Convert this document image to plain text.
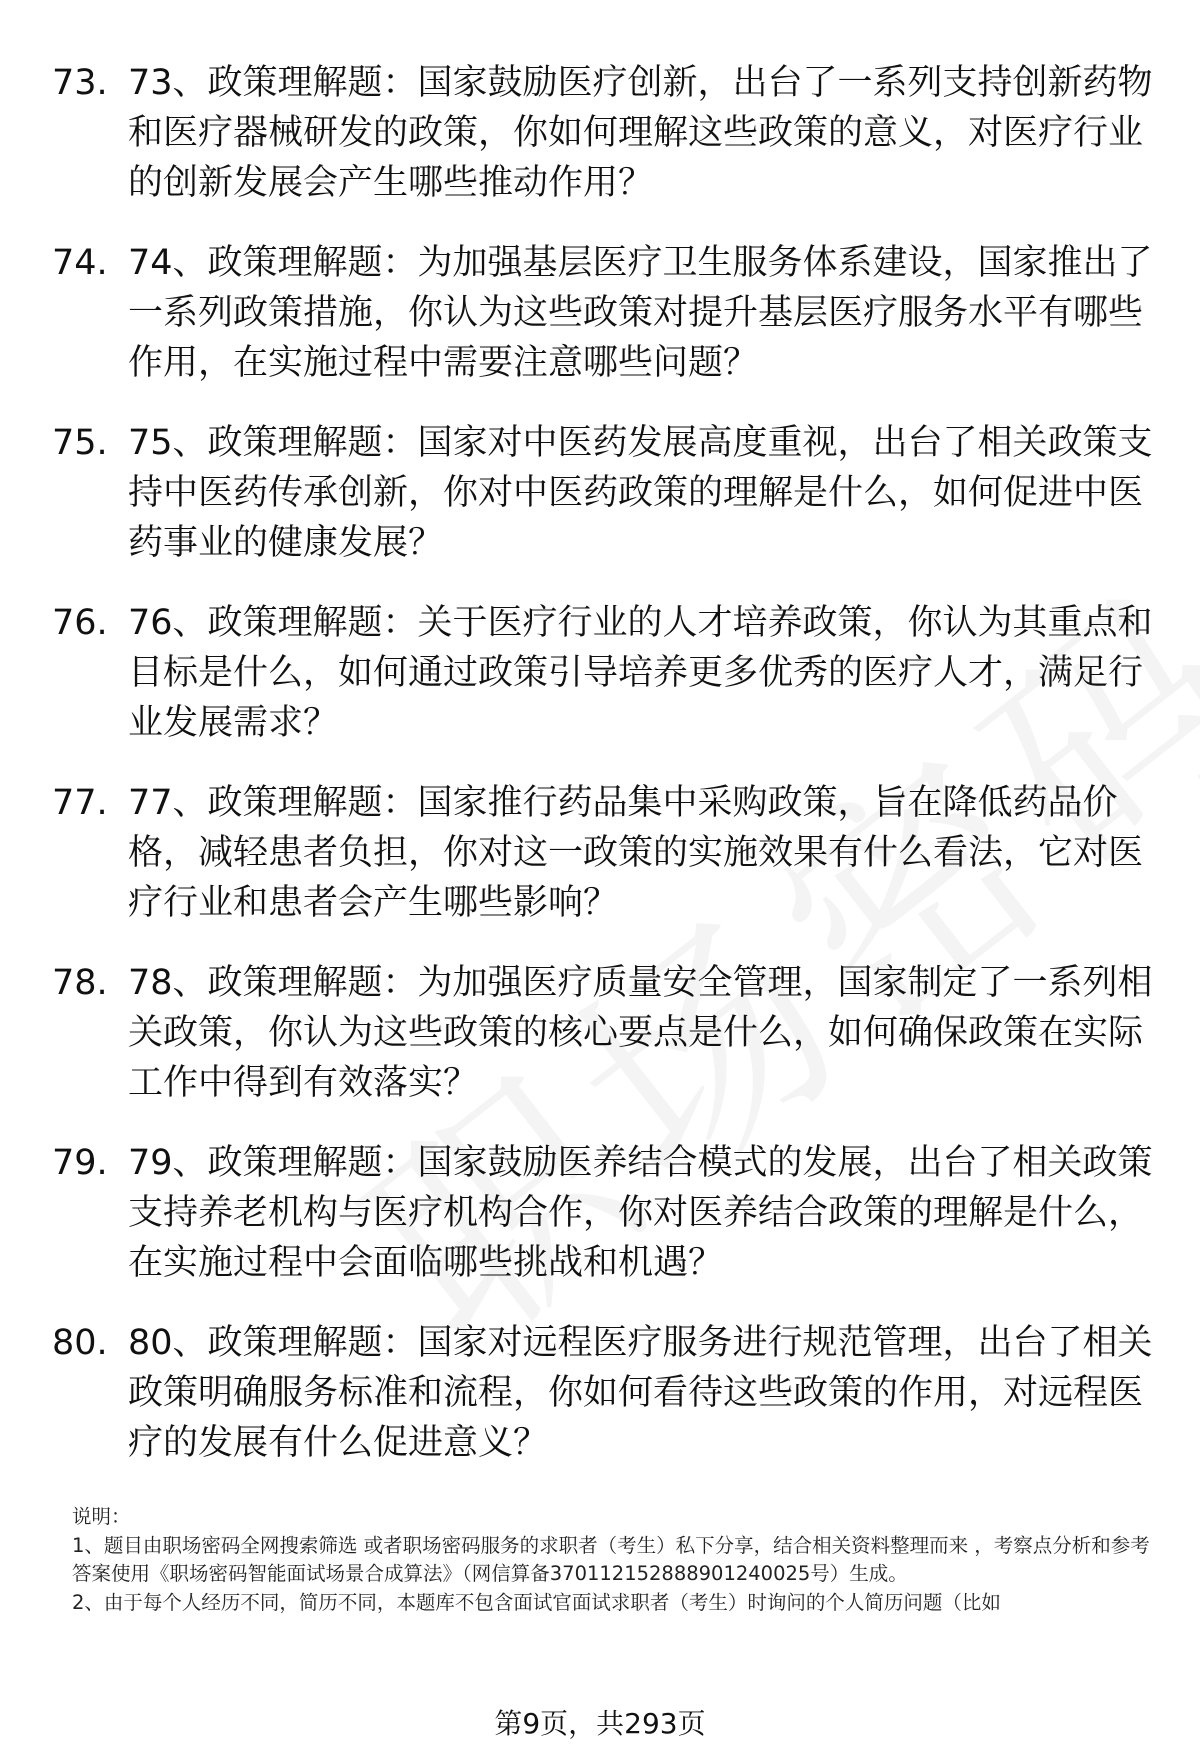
73. 73、政策理解题：国家鼓励医疗创新，出台了一系列支持创新药物和医疗器械研发的政策，你如何理解这些政策的意义，对医疗行业的创新发展会产生哪些推动作用？
74. 74、政策理解题：为加强基层医疗卫生服务体系建设，国家推出了一系列政策措施，你认为这些政策对提升基层医疗服务水平有哪些作用，在实施过程中需要注意哪些问题？
75. 75、政策理解题：国家对中医药发展高度重视，出台了相关政策支持中医药传承创新，你对中医药政策的理解是什么，如何促进中医药事业的健康发展？
76. 76、政策理解题：关于医疗行业的人才培养政策，你认为其重点和目标是什么，如何通过政策引导培养更多优秀的医疗人才，满足行业发展需求？
77. 77、政策理解题：国家推行药品集中采购政策，旨在降低药品价格，减轻患者负担，你对这一政策的实施效果有什么看法，它对医疗行业和患者会产生哪些影响？
78. 78、政策理解题：为加强医疗质量安全管理，国家制定了一系列相关政策，你认为这些政策的核心要点是什么，如何确保政策在实际工作中得到有效落实？
79. 79、政策理解题：国家鼓励医养结合模式的发展，出台了相关政策支持养老机构与医疗机构合作，你对医养结合政策的理解是什么，在实施过程中会面临哪些挑战和机遇？
80. 80、政策理解题：国家对远程医疗服务进行规范管理，出台了相关政策明确服务标准和流程，你如何看待这些政策的作用，对远程医疗的发展有什么促进意义？

说明：

1、题目由职场密码全网搜索筛选 或者职场密码服务的求职者（考生）私下分享，结合相关资料整理而来 ，考察点分析和参考答案使用《职场密码智能面试场景合成算法》（网信算备370112152888901240025号）生成。

2、由于每个人经历不同，简历不同，本题库不包含面试官面试求职者（考生）时询问的个人简历问题（比如

第9页，共293页
